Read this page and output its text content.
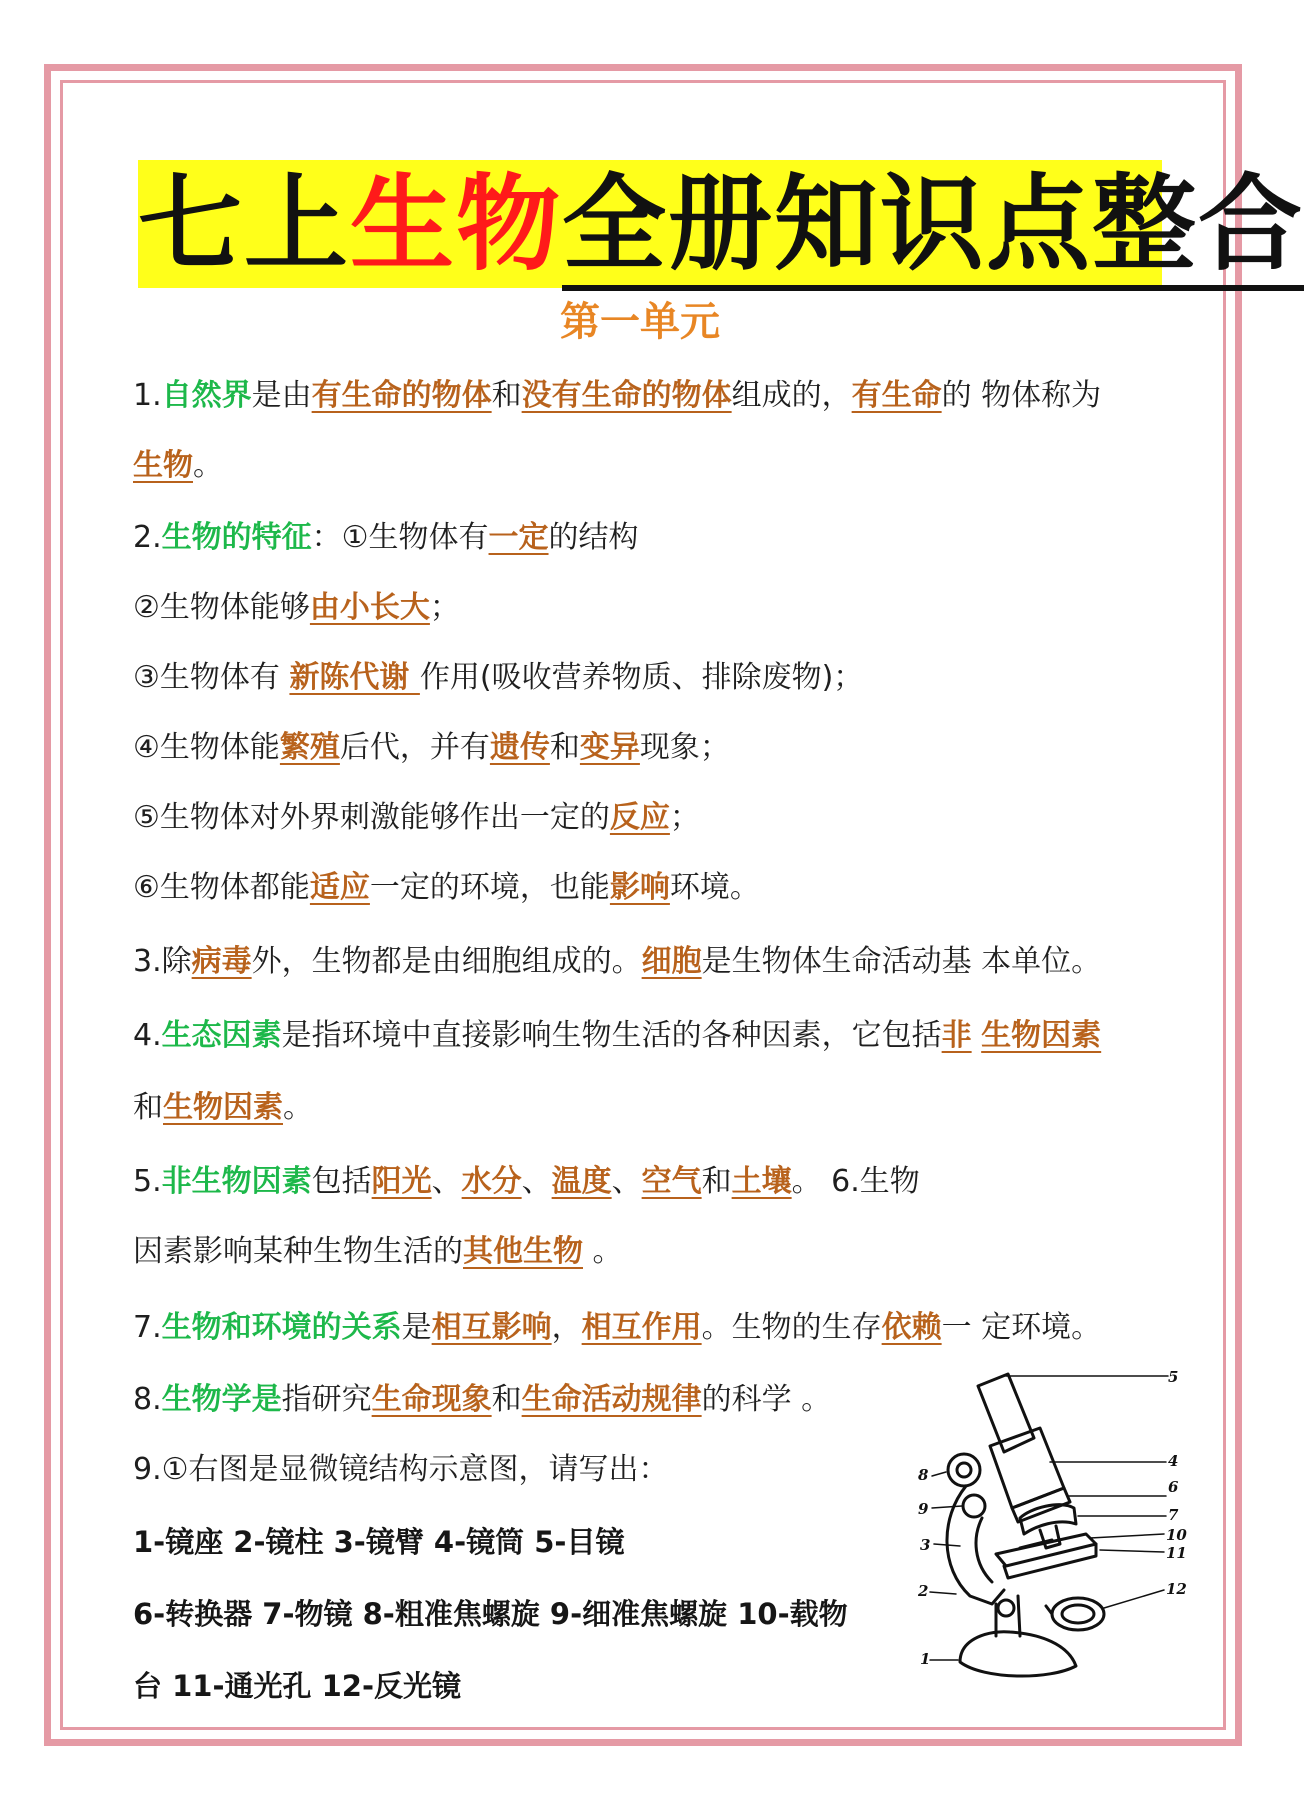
七上生物全册知识点整合
第一单元
1.自然界是由有生命的物体和没有生命的物体组成的，有生命的 物体称为
生物。
2.生物的特征：①生物体有一定的结构
②生物体能够由小长大；
③生物体有 新陈代谢 作用(吸收营养物质、排除废物)；
④生物体能繁殖后代，并有遗传和变异现象；
⑤生物体对外界刺激能够作出一定的反应；
⑥生物体都能适应一定的环境，也能影响环境。
3.除病毒外，生物都是由细胞组成的。细胞是生物体生命活动基 本单位。
4.生态因素是指环境中直接影响生物生活的各种因素，它包括非 生物因素
和生物因素。
5.非生物因素包括阳光、水分、温度、空气和土壤。 6.生物
因素影响某种生物生活的其他生物 。
7.生物和环境的关系是相互影响，相互作用。生物的生存依赖一 定环境。
8.生物学是指研究生命现象和生命活动规律的科学 。
9.①右图是显微镜结构示意图，请写出：
1-镜座 2-镜柱 3-镜臂 4-镜筒 5-目镜
6-转换器 7-物镜 8-粗准焦螺旋 9-细准焦螺旋 10-载物
台 11-通光孔 12-反光镜
5
4
6
7
10
11
12
8
9
3
2
1
